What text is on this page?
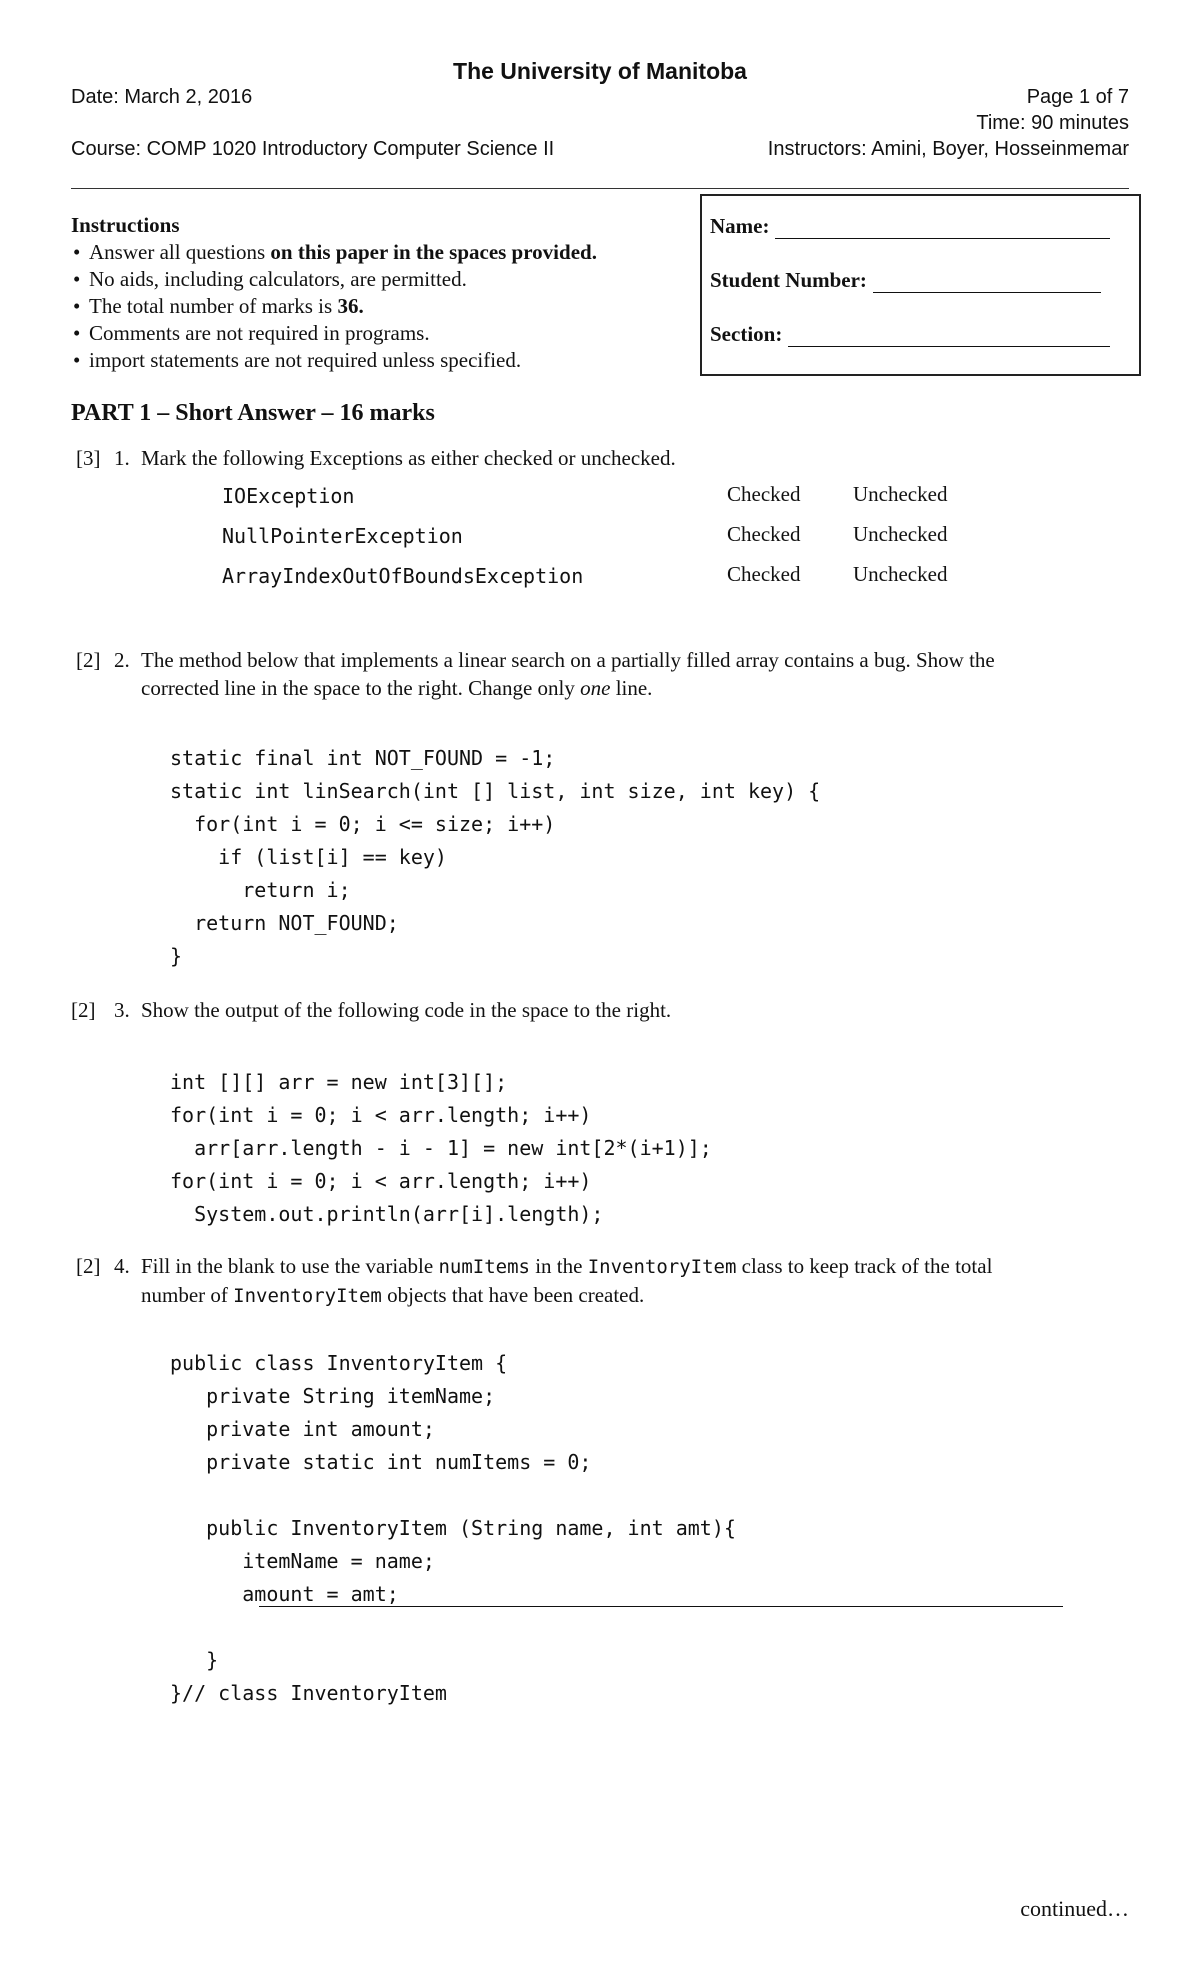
The University of Manitoba
Date: March 2, 2016	Page 1 of 7
Time: 90 minutes
Course: COMP 1020 Introductory Computer Science II	Instructors: Amini, Boyer, Hosseinmemar
Instructions
• Answer all questions on this paper in the spaces provided.
• No aids, including calculators, are permitted.
• The total number of marks is 36.
• Comments are not required in programs.
• import statements are not required unless specified.
Name:
Student Number:
Section:
PART 1 – Short Answer – 16 marks
[3] 1. Mark the following Exceptions as either checked or unchecked.
IOException	Checked	Unchecked
NullPointerException	Checked	Unchecked
ArrayIndexOutOfBoundsException	Checked	Unchecked
[2] 2. The method below that implements a linear search on a partially filled array contains a bug. Show the
corrected line in the space to the right. Change only one line.

static final int NOT_FOUND = -1;
static int linSearch(int [] list, int size, int key) {
for(int i = 0; i <= size; i++)
if (list[i] == key)
return i;
return NOT_FOUND;
}
[2] 3. Show the output of the following code in the space to the right.

int [][] arr = new int[3][];
for(int i = 0; i < arr.length; i++)
arr[arr.length - i - 1] = new int[2*(i+1)];
for(int i = 0; i < arr.length; i++)
System.out.println(arr[i].length);
[2] 4. Fill in the blank to use the variable numItems in the InventoryItem class to keep track of the total
number of InventoryItem objects that have been created.

public class InventoryItem {
private String itemName;
private int amount;
private static int numItems = 0;

public InventoryItem (String name, int amt){
itemName = name;
amount = amt;

}
}// class InventoryItem
continued…
